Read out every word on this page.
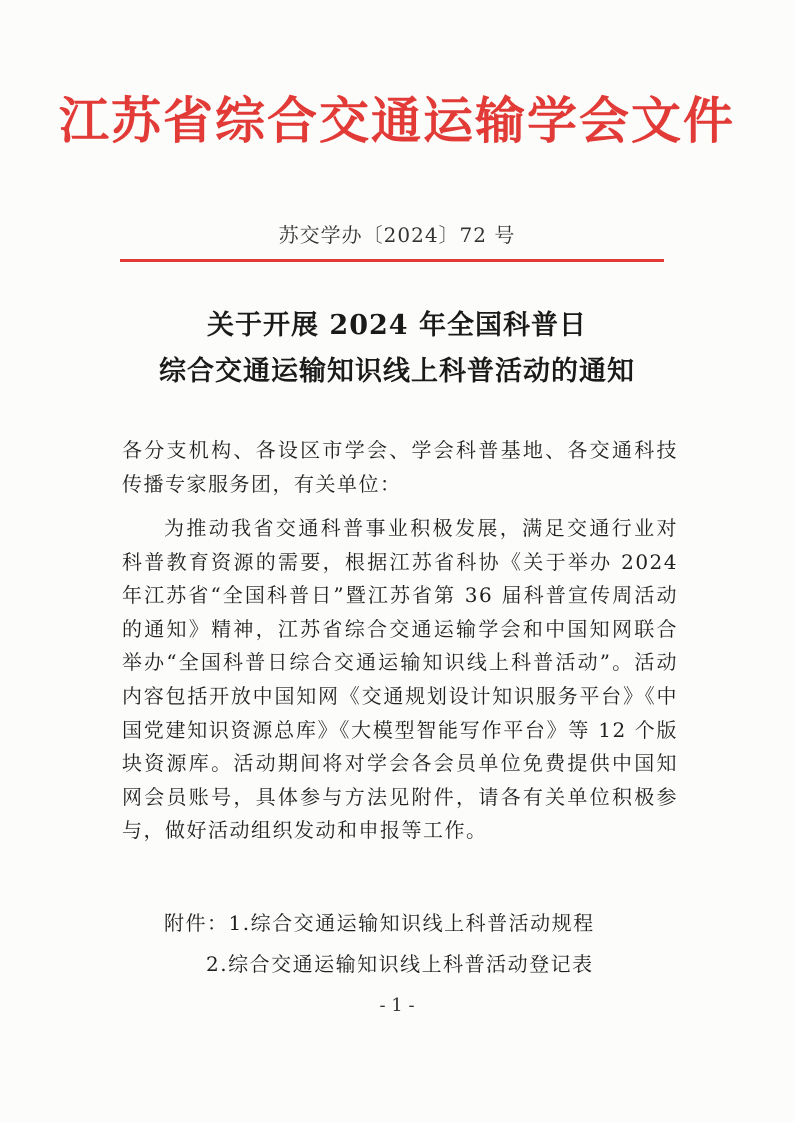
江苏省综合交通运输学会文件
苏交学办〔2024〕72 号
关于开展 2024 年全国科普日
综合交通运输知识线上科普活动的通知

各分支机构、各设区市学会、学会科普基地、各交通科技传播专家服务团，有关单位：

为推动我省交通科普事业积极发展，满足交通行业对科普教育资源的需要，根据江苏省科协《关于举办 2024 年江苏省“全国科普日”暨江苏省第 36 届科普宣传周活动的通知》精神，江苏省综合交通运输学会和中国知网联合举办“全国科普日综合交通运输知识线上科普活动”。活动内容包括开放中国知网《交通规划设计知识服务平台》《中国党建知识资源总库》《大模型智能写作平台》等 12 个版块资源库。活动期间将对学会各会员单位免费提供中国知网会员账号，具体参与方法见附件，请各有关单位积极参与，做好活动组织发动和申报等工作。

附件：1.综合交通运输知识线上科普活动规程
2.综合交通运输知识线上科普活动登记表
- 1 -
